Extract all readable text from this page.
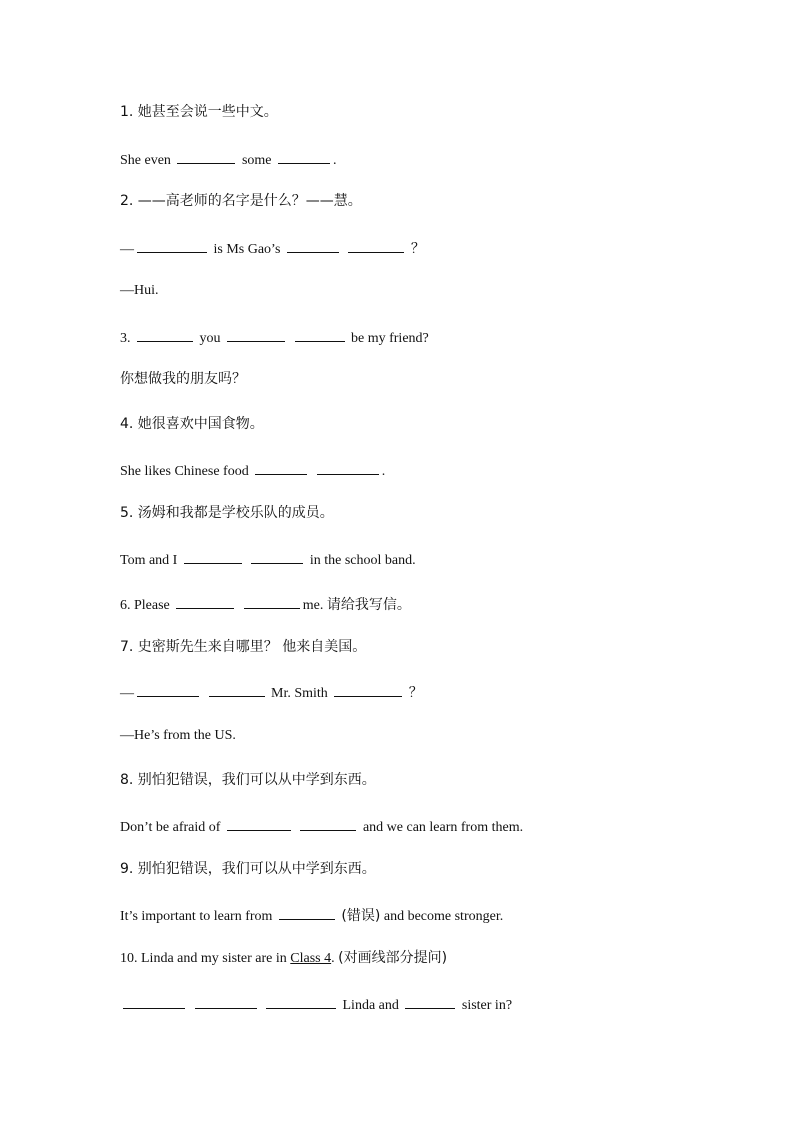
1. 她甚至会说一些中文。
She even	some	.
2. ——高老师的名字是什么？——慧。
—	is Ms Gao’s	？
—Hui.
3.	you	be my friend?
你想做我的朋友吗？
4. 她很喜欢中国食物。
She likes Chinese food	.
5. 汤姆和我都是学校乐队的成员。
Tom and I	in the school band.
6. Please	me. 请给我写信。
7. 史密斯先生来自哪里？ 他来自美国。
—	Mr. Smith	？
—He’s from the US.
8. 别怕犯错误，我们可以从中学到东西。
Don’t be afraid of	and we can learn from them.
9. 别怕犯错误，我们可以从中学到东西。
It’s important to learn from	(错误) and become stronger.
10. Linda and my sister are in Class 4. (对画线部分提问)
Linda and	sister in?
